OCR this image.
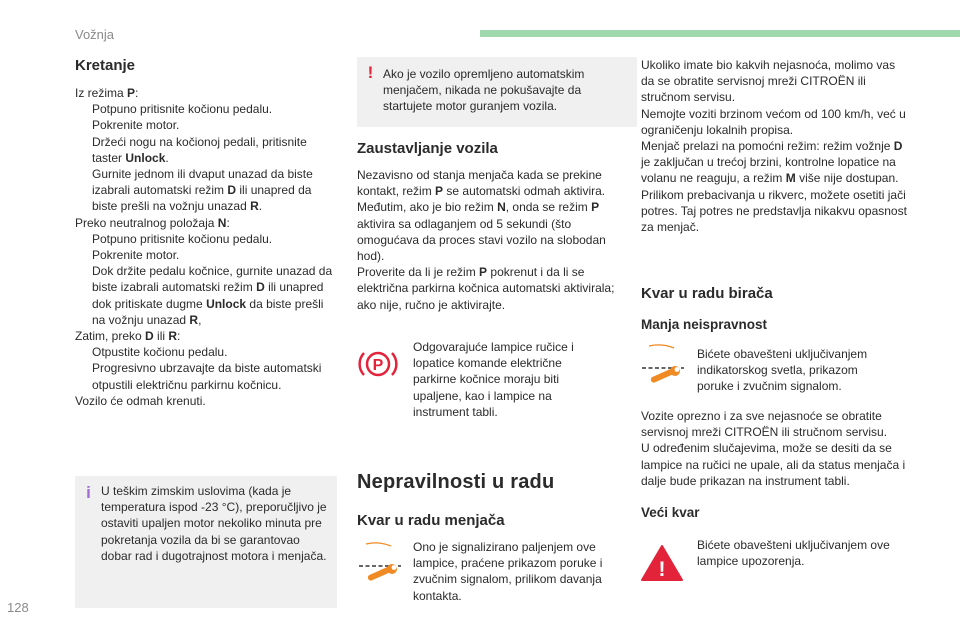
Vožnja
128
Kretanje
Iz režima P:
Potpuno pritisnite kočionu pedalu.
Pokrenite motor.
Držeći nogu na kočionoj pedali, pritisnite taster Unlock.
Gurnite jednom ili dvaput unazad da biste izabrali automatski režim D ili unapred da biste prešli na vožnju unazad R.
Preko neutralnog položaja N:
Potpuno pritisnite kočionu pedalu.
Pokrenite motor.
Dok držite pedalu kočnice, gurnite unazad da biste izabrali automatski režim D ili unapred dok pritiskate dugme Unlock da biste prešli na vožnju unazad R,
Zatim, preko D ili R:
Otpustite kočionu pedalu.
Progresivno ubrzavajte da biste automatski otpustili električnu parkirnu kočnicu.
Vozilo će odmah krenuti.
i U teškim zimskim uslovima (kada je temperatura ispod -23 °C), preporučljivo je ostaviti upaljen motor nekoliko minuta pre pokretanja vozila da bi se garantovao dobar rad i dugotrajnost motora i menjača.
! Ako je vozilo opremljeno automatskim menjačem, nikada ne pokušavajte da startujete motor guranjem vozila.
Zaustavljanje vozila
Nezavisno od stanja menjača kada se prekine kontakt, režim P se automatski odmah aktivira. Međutim, ako je bio režim N, onda se režim P aktivira sa odlaganjem od 5 sekundi (što omogućava da proces stavi vozilo na slobodan hod).
Proverite da li je režim P pokrenut i da li se električna parkirna kočnica automatski aktivirala; ako nije, ručno je aktivirajte.
P
Odgovarajuće lampice ručice i lopatice komande električne parkirne kočnice moraju biti upaljene, kao i lampice na instrument tabli.
Nepravilnosti u radu
Kvar u radu menjača
Ono je signalizirano paljenjem ove lampice, praćene prikazom poruke i zvučnim signalom, prilikom davanja kontakta.
Ukoliko imate bio kakvih nejasnoća, molimo vas da se obratite servisnoj mreži CITROËN ili stručnom servisu.
Nemojte voziti brzinom većom od 100 km/h, već u ograničenju lokalnih propisa.
Menjač prelazi na pomoćni režim: režim vožnje D je zaključan u trećoj brzini, kontrolne lopatice na volanu ne reaguju, a režim M više nije dostupan. Prilikom prebacivanja u rikverc, možete osetiti jači potres. Taj potres ne predstavlja nikakvu opasnost za menjač.
Kvar u radu birača
Manja neispravnost
Bićete obavešteni uključivanjem indikatorskog svetla, prikazom poruke i zvučnim signalom.
Vozite oprezno i za sve nejasnoće se obratite servisnoj mreži CITROËN ili stručnom servisu.
U određenim slučajevima, može se desiti da se lampice na ručici ne upale, ali da status menjača i dalje bude prikazan na instrument tabli.
Veći kvar
!
Bićete obavešteni uključivanjem ove lampice upozorenja.
